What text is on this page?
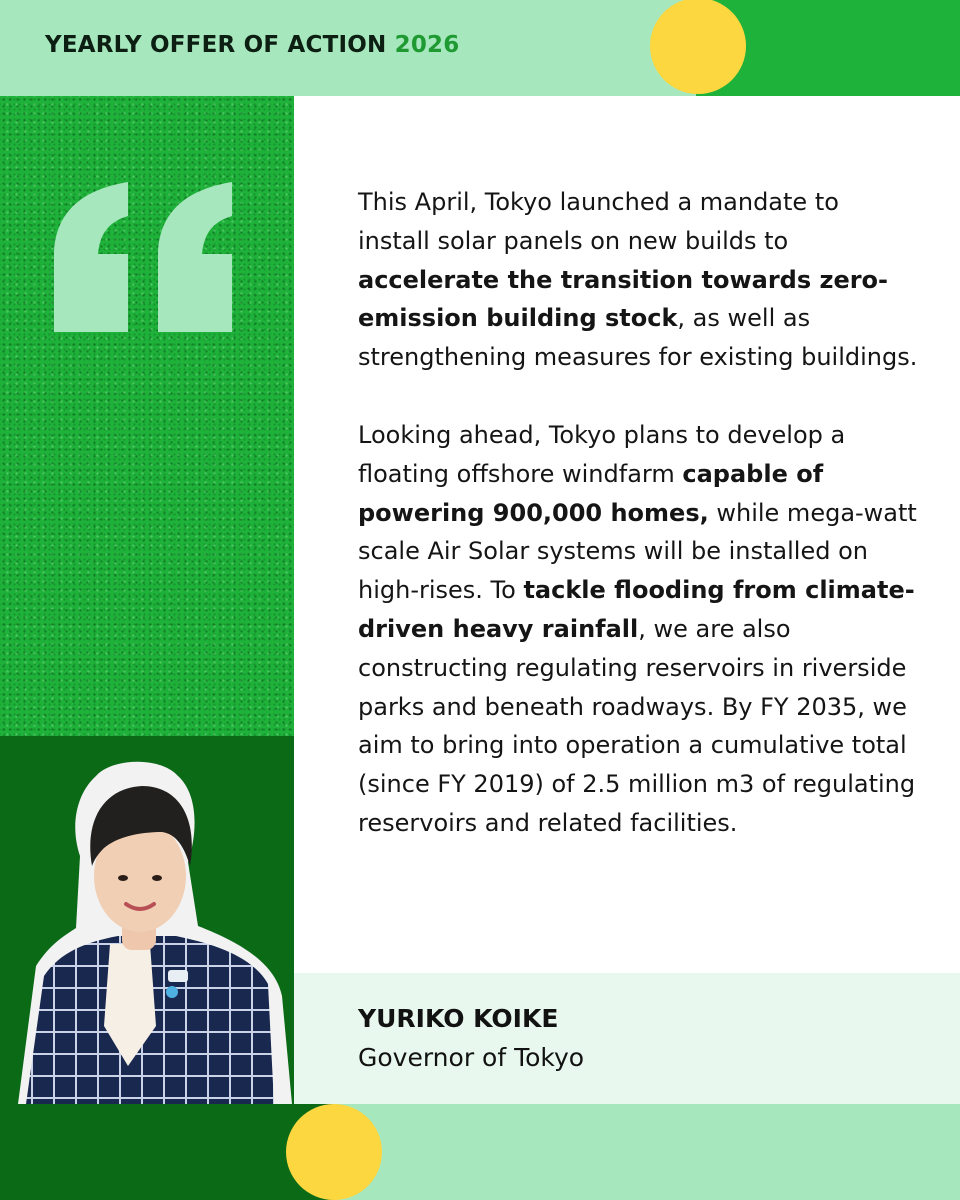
YEARLY OFFER OF ACTION 2026

This April, Tokyo launched a mandate to install solar panels on new builds to accelerate the transition towards zero-emission building stock, as well as strengthening measures for existing buildings.

Looking ahead, Tokyo plans to develop a floating offshore windfarm capable of powering 900,000 homes, while mega-watt scale Air Solar systems will be installed on high-rises. To tackle flooding from climate-driven heavy rainfall, we are also constructing regulating reservoirs in riverside parks and beneath roadways. By FY 2035, we aim to bring into operation a cumulative total (since FY 2019) of 2.5 million m3 of regulating reservoirs and related facilities.

YURIKO KOIKE
Governor of Tokyo
